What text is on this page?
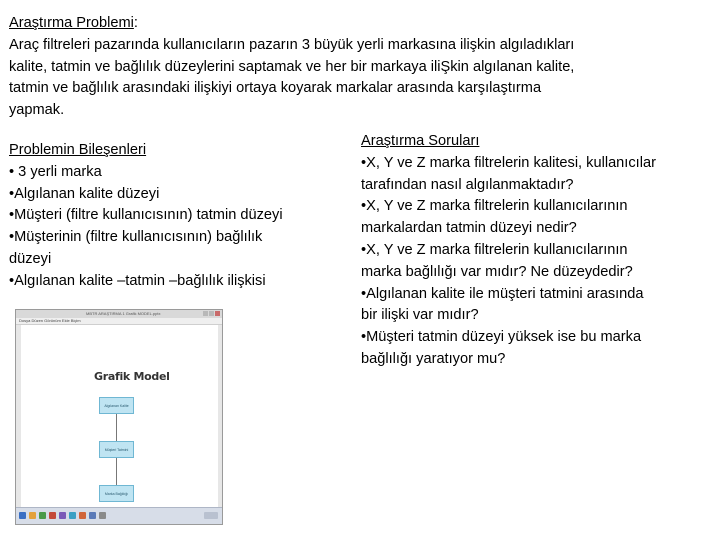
Araştırma Problemi:
Araç filtreleri pazarında kullanıcıların pazarın 3 büyük yerli markasına ilişkin algıladıkları
kalite, tatmin ve bağlılık düzeylerini saptamak ve her bir markaya iliŞkin algılanan kalite,
tatmin ve bağlılık arasındaki ilişkiyi ortaya koyarak markalar arasında karşılaştırma
yapmak.
Problemin Bileşenleri
• 3 yerli marka
•Algılanan kalite düzeyi
•Müşteri (filtre kullanıcısının) tatmin düzeyi
•Müşterinin (filtre kullanıcısının) bağlılık
düzeyi
•Algılanan kalite –tatmin –bağlılık ilişkisi
Araştırma Soruları
•X, Y ve Z marka filtrelerin kalitesi, kullanıcılar
tarafından nasıl algılanmaktadır?
•X, Y ve Z marka filtrelerin kullanıcılarının
markalardan tatmin düzeyi nedir?
•X, Y ve Z marka filtrelerin kullanıcılarının
marka bağlılığı var mıdır? Ne düzeydedir?
•Algılanan kalite ile müşteri tatmini arasında
bir ilişki var mıdır?
•Müşteri tatmin düzeyi yüksek ise bu marka
bağlılığı yaratıyor mu?
MBTR ARAŞTIRMA 1 Grafik MODEL.pptx
Dosya Düzen Görünüm Ekle Biçim
Grafik Model
Algılanan Kalite
Müşteri Tatmini
Marka Bağlılığı
